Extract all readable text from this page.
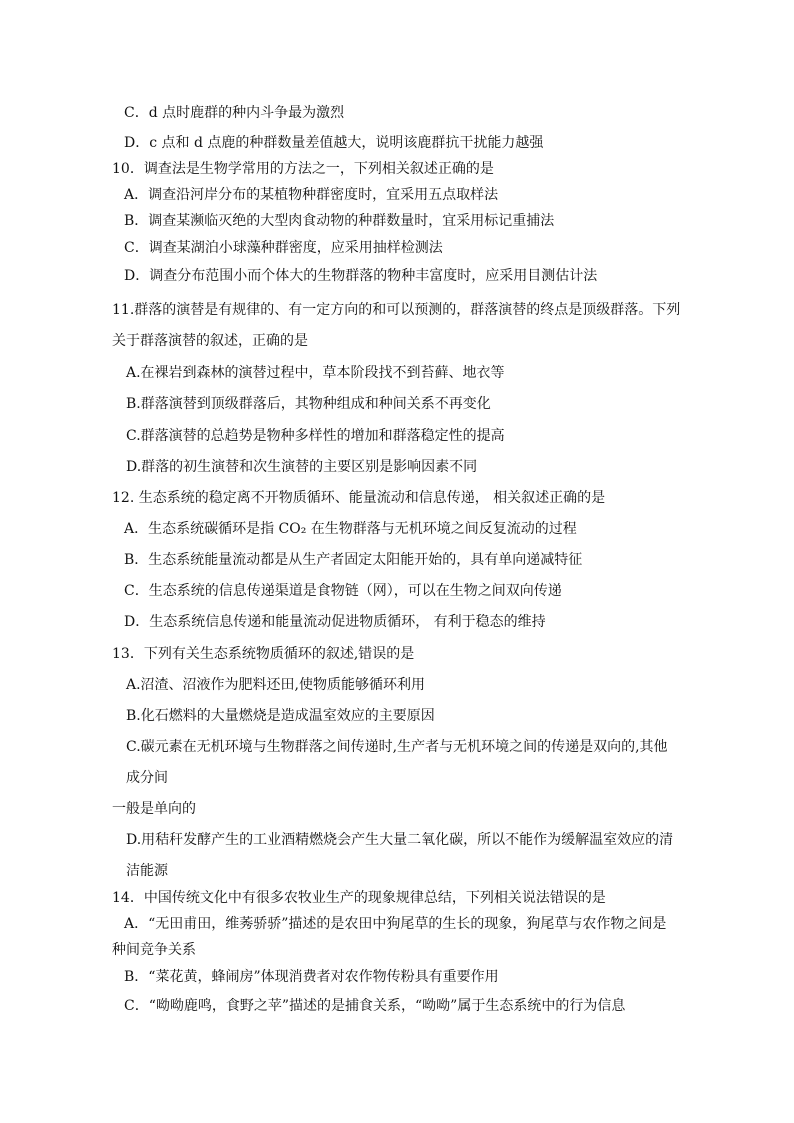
C．d 点时鹿群的种内斗争最为激烈
D．c 点和 d 点鹿的种群数量差值越大，说明该鹿群抗干扰能力越强
10．调查法是生物学常用的方法之一，下列相关叙述正确的是
A．调查沿河岸分布的某植物种群密度时，宜采用五点取样法
B．调查某濒临灭绝的大型肉食动物的种群数量时，宜采用标记重捕法
C．调查某湖泊小球藻种群密度，应采用抽样检测法
D．调查分布范围小而个体大的生物群落的物种丰富度时，应采用目测估计法
11.群落的演替是有规律的、有一定方向的和可以预测的，群落演替的终点是顶级群落。下列
关于群落演替的叙述，正确的是
A.在裸岩到森林的演替过程中，草本阶段找不到苔藓、地衣等
B.群落演替到顶级群落后，其物种组成和种间关系不再变化
C.群落演替的总趋势是物种多样性的增加和群落稳定性的提高
D.群落的初生演替和次生演替的主要区别是影响因素不同
12. 生态系统的稳定离不开物质循环、能量流动和信息传递， 相关叙述正确的是
A．生态系统碳循环是指 CO₂ 在生物群落与无机环境之间反复流动的过程
B．生态系统能量流动都是从生产者固定太阳能开始的，具有单向递减特征
C．生态系统的信息传递渠道是食物链（网），可以在生物之间双向传递
D．生态系统信息传递和能量流动促进物质循环， 有利于稳态的维持
13．下列有关生态系统物质循环的叙述,错误的是
A.沼渣、沼液作为肥料还田,使物质能够循环利用
B.化石燃料的大量燃烧是造成温室效应的主要原因
C.碳元素在无机环境与生物群落之间传递时,生产者与无机环境之间的传递是双向的,其他
成分间
一般是单向的
D.用秸秆发酵产生的工业酒精燃烧会产生大量二氧化碳，所以不能作为缓解温室效应的清
洁能源
14．中国传统文化中有很多农牧业生产的现象规律总结，下列相关说法错误的是
A．“无田甫田，维莠骄骄”描述的是农田中狗尾草的生长的现象，狗尾草与农作物之间是
种间竞争关系
B．“菜花黄，蜂闹房”体现消费者对农作物传粉具有重要作用
C．“呦呦鹿鸣，食野之苹”描述的是捕食关系，“呦呦”属于生态系统中的行为信息
